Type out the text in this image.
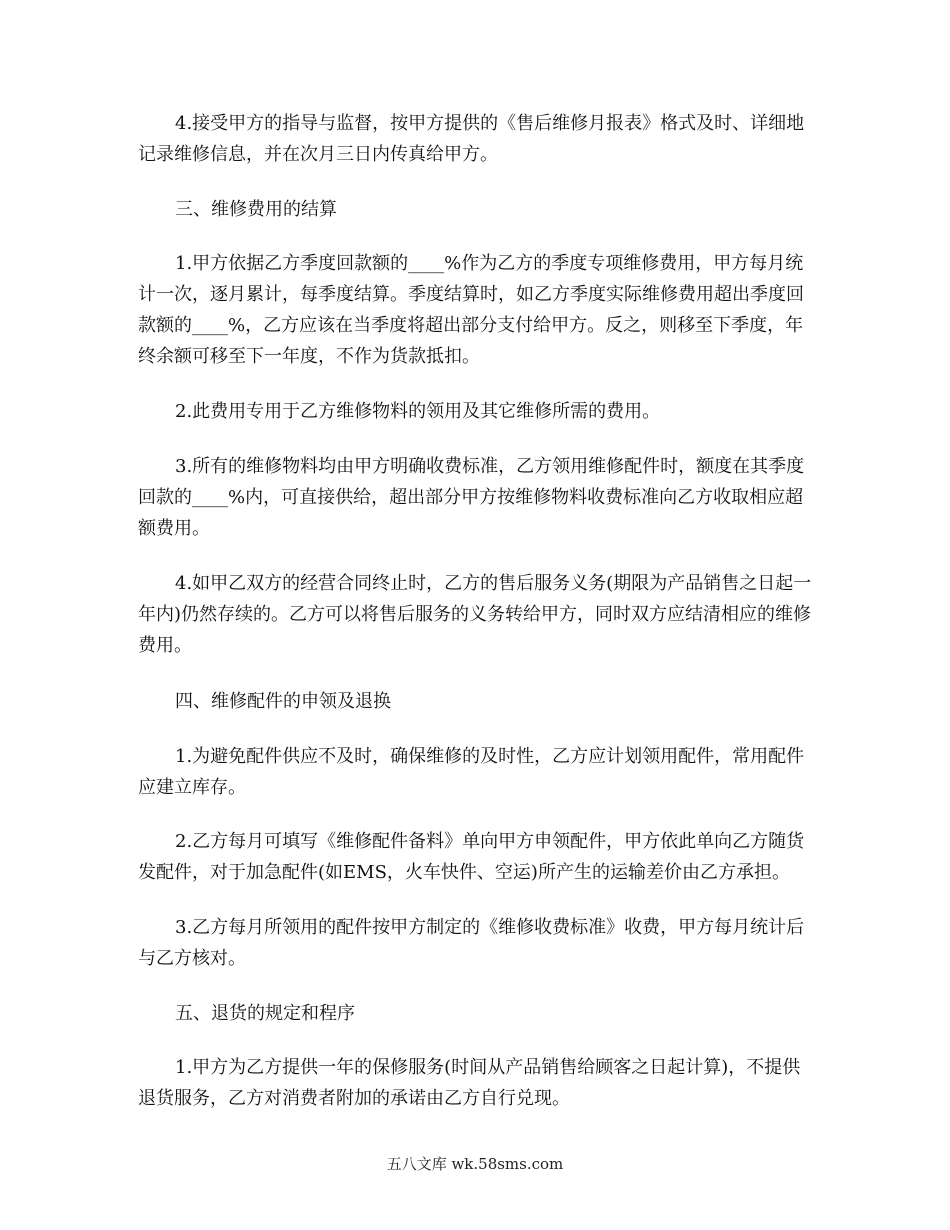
4.接受甲方的指导与监督，按甲方提供的《售后维修月报表》格式及时、详细地记录维修信息，并在次月三日内传真给甲方。

三、维修费用的结算

1.甲方依据乙方季度回款额的____%作为乙方的季度专项维修费用，甲方每月统计一次，逐月累计，每季度结算。季度结算时，如乙方季度实际维修费用超出季度回款额的____%，乙方应该在当季度将超出部分支付给甲方。反之，则移至下季度，年终余额可移至下一年度，不作为货款抵扣。

2.此费用专用于乙方维修物料的领用及其它维修所需的费用。

3.所有的维修物料均由甲方明确收费标准，乙方领用维修配件时，额度在其季度回款的____%内，可直接供给，超出部分甲方按维修物料收费标准向乙方收取相应超额费用。

4.如甲乙双方的经营合同终止时，乙方的售后服务义务(期限为产品销售之日起一年内)仍然存续的。乙方可以将售后服务的义务转给甲方，同时双方应结清相应的维修费用。

四、维修配件的申领及退换

1.为避免配件供应不及时，确保维修的及时性，乙方应计划领用配件，常用配件应建立库存。

2.乙方每月可填写《维修配件备料》单向甲方申领配件，甲方依此单向乙方随货发配件，对于加急配件(如EMS，火车快件、空运)所产生的运输差价由乙方承担。

3.乙方每月所领用的配件按甲方制定的《维修收费标准》收费，甲方每月统计后与乙方核对。

五、退货的规定和程序

1.甲方为乙方提供一年的保修服务(时间从产品销售给顾客之日起计算)，不提供退货服务，乙方对消费者附加的承诺由乙方自行兑现。

五八文库 wk.58sms.com
